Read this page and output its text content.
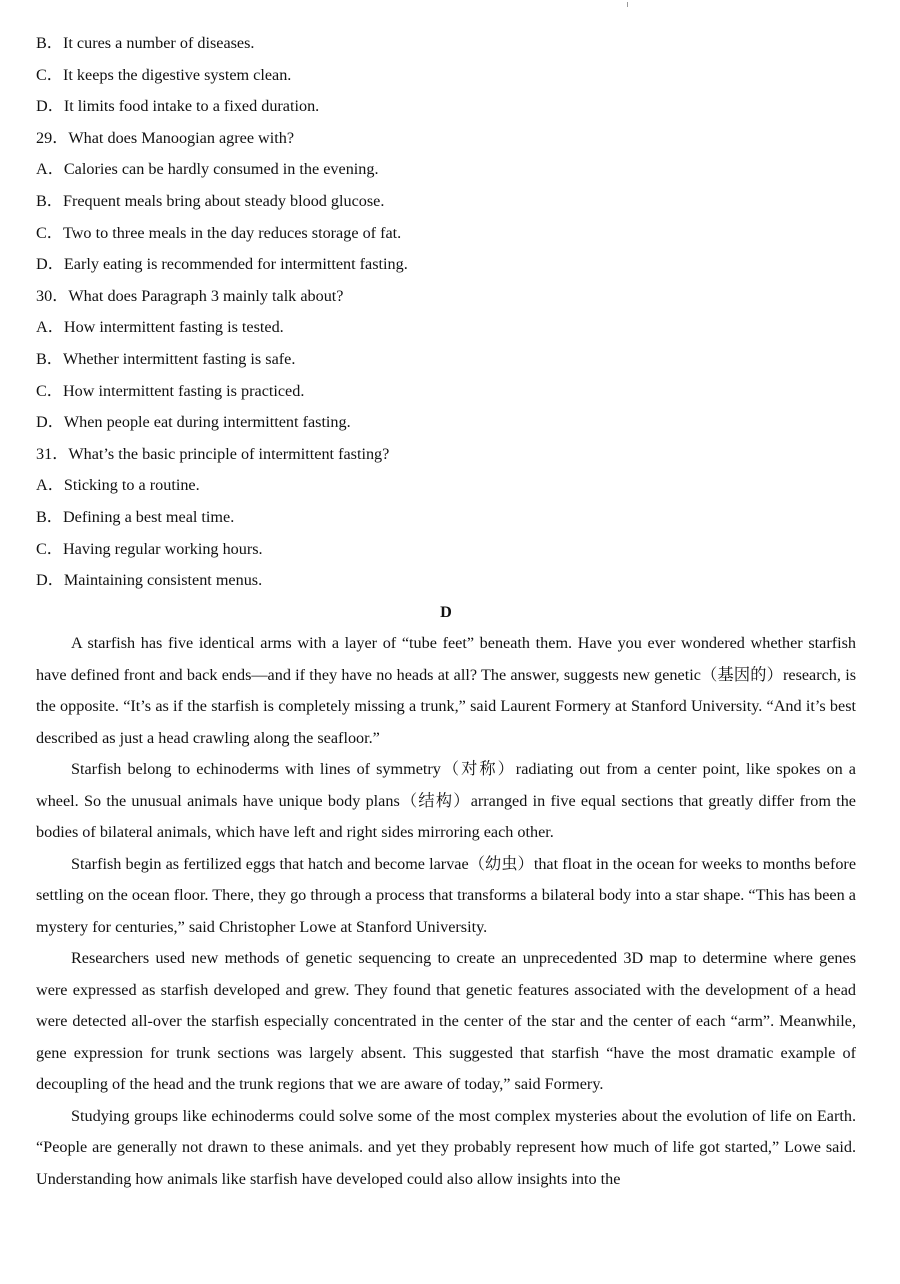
B．It cures a number of diseases.
C．It keeps the digestive system clean.
D．It limits food intake to a fixed duration.
29．What does Manoogian agree with?
A．Calories can be hardly consumed in the evening.
B．Frequent meals bring about steady blood glucose.
C．Two to three meals in the day reduces storage of fat.
D．Early eating is recommended for intermittent fasting.
30．What does Paragraph 3 mainly talk about?
A．How intermittent fasting is tested.
B．Whether intermittent fasting is safe.
C．How intermittent fasting is practiced.
D．When people eat during intermittent fasting.
31．What’s the basic principle of intermittent fasting?
A．Sticking to a routine.
B．Defining a best meal time.
C．Having regular working hours.
D．Maintaining consistent menus.
D

A starfish has five identical arms with a layer of “tube feet” beneath them. Have you ever wondered whether starfish have defined front and back ends—and if they have no heads at all? The answer, suggests new genetic（基因的）research, is the opposite. “It’s as if the starfish is completely missing a trunk,” said Laurent Formery at Stanford University. “And it’s best described as just a head crawling along the seafloor.”

Starfish belong to echinoderms with lines of symmetry（对称）radiating out from a center point, like spokes on a wheel. So the unusual animals have unique body plans（结构）arranged in five equal sections that greatly differ from the bodies of bilateral animals, which have left and right sides mirroring each other.

Starfish begin as fertilized eggs that hatch and become larvae（幼虫）that float in the ocean for weeks to months before settling on the ocean floor. There, they go through a process that transforms a bilateral body into a star shape. “This has been a mystery for centuries,” said Christopher Lowe at Stanford University.

Researchers used new methods of genetic sequencing to create an unprecedented 3D map to determine where genes were expressed as starfish developed and grew. They found that genetic features associated with the development of a head were detected all-over the starfish especially concentrated in the center of the star and the center of each “arm”. Meanwhile, gene expression for trunk sections was largely absent. This suggested that starfish “have the most dramatic example of decoupling of the head and the trunk regions that we are aware of today,” said Formery.

Studying groups like echinoderms could solve some of the most complex mysteries about the evolution of life on Earth. “People are generally not drawn to these animals. and yet they probably represent how much of life got started,” Lowe said. Understanding how animals like starfish have developed could also allow insights into the
